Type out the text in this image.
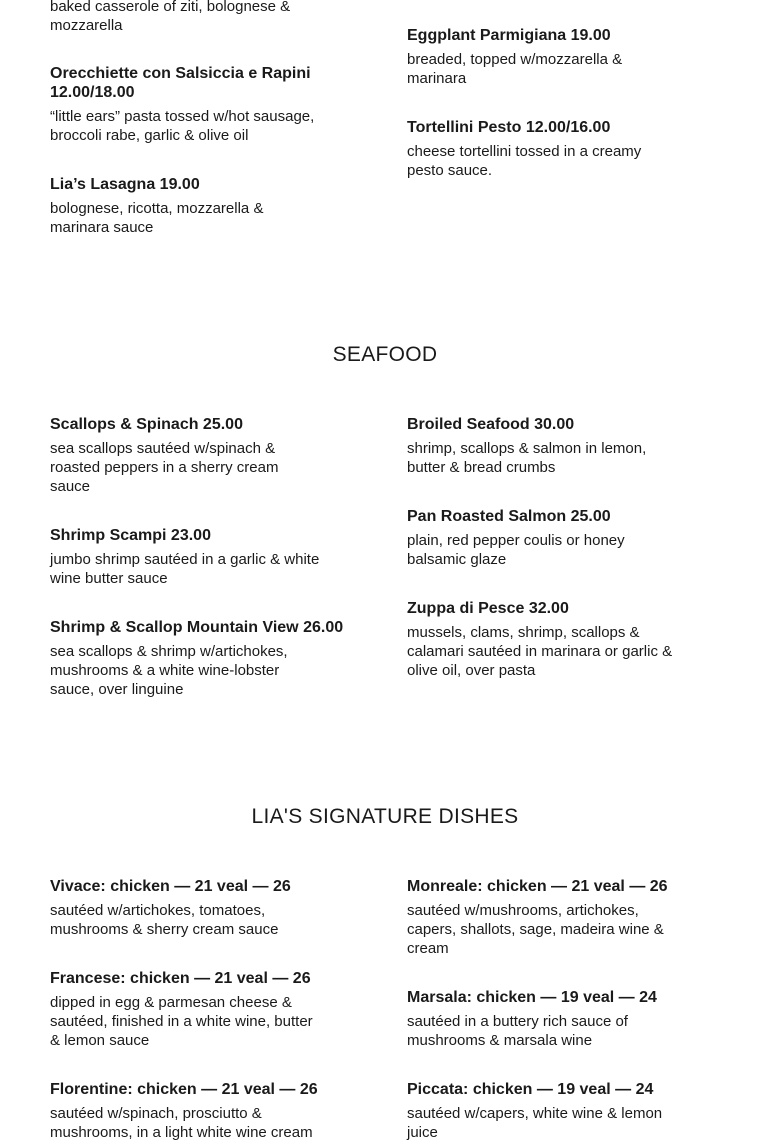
baked casserole of ziti, bolognese & mozzarella
Orecchiette con Salsiccia e Rapini 12.00/18.00
“little ears” pasta tossed w/hot sausage, broccoli rabe, garlic & olive oil
Lia’s Lasagna 19.00
bolognese, ricotta, mozzarella & marinara sauce
Eggplant Parmigiana 19.00
breaded, topped w/mozzarella & marinara
Tortellini Pesto 12.00/16.00
cheese tortellini tossed in a creamy pesto sauce.
SEAFOOD
Scallops & Spinach 25.00
sea scallops sautéed w/spinach & roasted peppers in a sherry cream sauce
Shrimp Scampi 23.00
jumbo shrimp sautéed in a garlic & white wine butter sauce
Shrimp & Scallop Mountain View 26.00
sea scallops & shrimp w/artichokes, mushrooms & a white wine-lobster sauce, over linguine
Broiled Seafood 30.00
shrimp, scallops & salmon in lemon, butter & bread crumbs
Pan Roasted Salmon 25.00
plain, red pepper coulis or honey balsamic glaze
Zuppa di Pesce 32.00
mussels, clams, shrimp, scallops & calamari sautéed in marinara or garlic & olive oil, over pasta
LIA'S SIGNATURE DISHES
Vivace: chicken — 21 veal — 26
sautéed w/artichokes, tomatoes, mushrooms & sherry cream sauce
Francese: chicken — 21 veal — 26
dipped in egg & parmesan cheese & sautéed, finished in a white wine, butter & lemon sauce
Florentine: chicken — 21 veal — 26
sautéed w/spinach, prosciutto & mushrooms, in a light white wine cream
Monreale: chicken — 21 veal — 26
sautéed w/mushrooms, artichokes, capers, shallots, sage, madeira wine & cream
Marsala: chicken — 19 veal — 24
sautéed in a buttery rich sauce of mushrooms & marsala wine
Piccata: chicken — 19 veal — 24
sautéed w/capers, white wine & lemon juice
